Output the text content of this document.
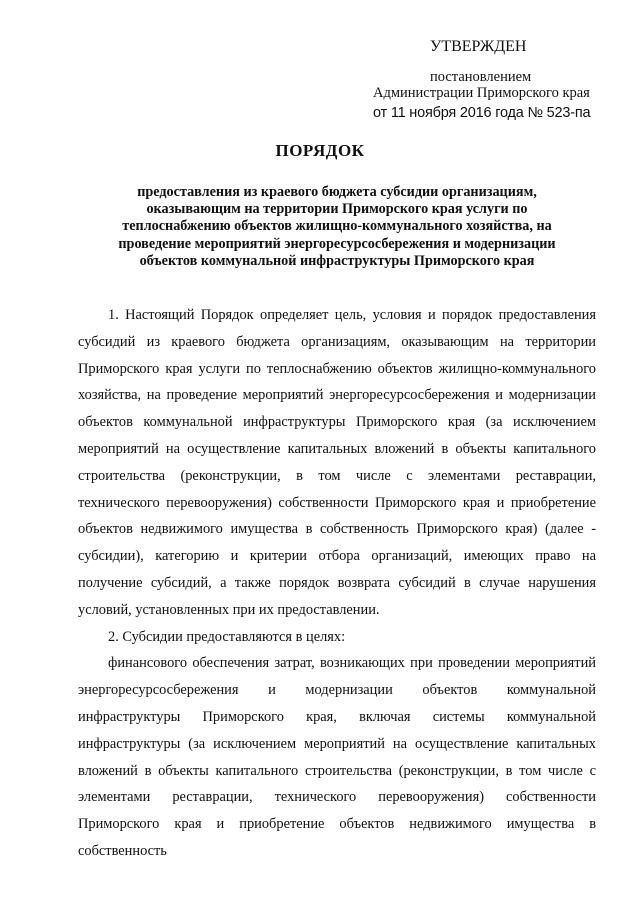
УТВЕРЖДЕН
постановлением
Администрации Приморского края
от 11 ноября 2016 года № 523-па
ПОРЯДОК
предоставления из краевого бюджета субсидии организациям,
оказывающим на территории Приморского края услуги по
теплоснабжению объектов жилищно-коммунального хозяйства, на
проведение мероприятий энергоресурсосбережения и модернизации
объектов коммунальной инфраструктуры Приморского края

1. Настоящий Порядок определяет цель, условия и порядок предоставления субсидий из краевого бюджета организациям, оказывающим на территории Приморского края услуги по теплоснабжению объектов жилищно-коммунального хозяйства, на проведение мероприятий энергоресурсосбережения и модернизации объектов коммунальной инфраструктуры Приморского края (за исключением мероприятий на осуществление капитальных вложений в объекты капитального строительства (реконструкции, в том числе с элементами реставрации, технического перевооружения) собственности Приморского края и приобретение объектов недвижимого имущества в собственность Приморского края) (далее - субсидии), категорию и критерии отбора организаций, имеющих право на получение субсидий, а также порядок возврата субсидий в случае нарушения условий, установленных при их предоставлении.

2. Субсидии предоставляются в целях:

финансового обеспечения затрат, возникающих при проведении мероприятий энергоресурсосбережения и модернизации объектов коммунальной инфраструктуры Приморского края, включая системы коммунальной инфраструктуры (за исключением мероприятий на осуществление капитальных вложений в объекты капитального строительства (реконструкции, в том числе с элементами реставрации, технического перевооружения) собственности Приморского края и приобретение объектов недвижимого имущества в собственность
